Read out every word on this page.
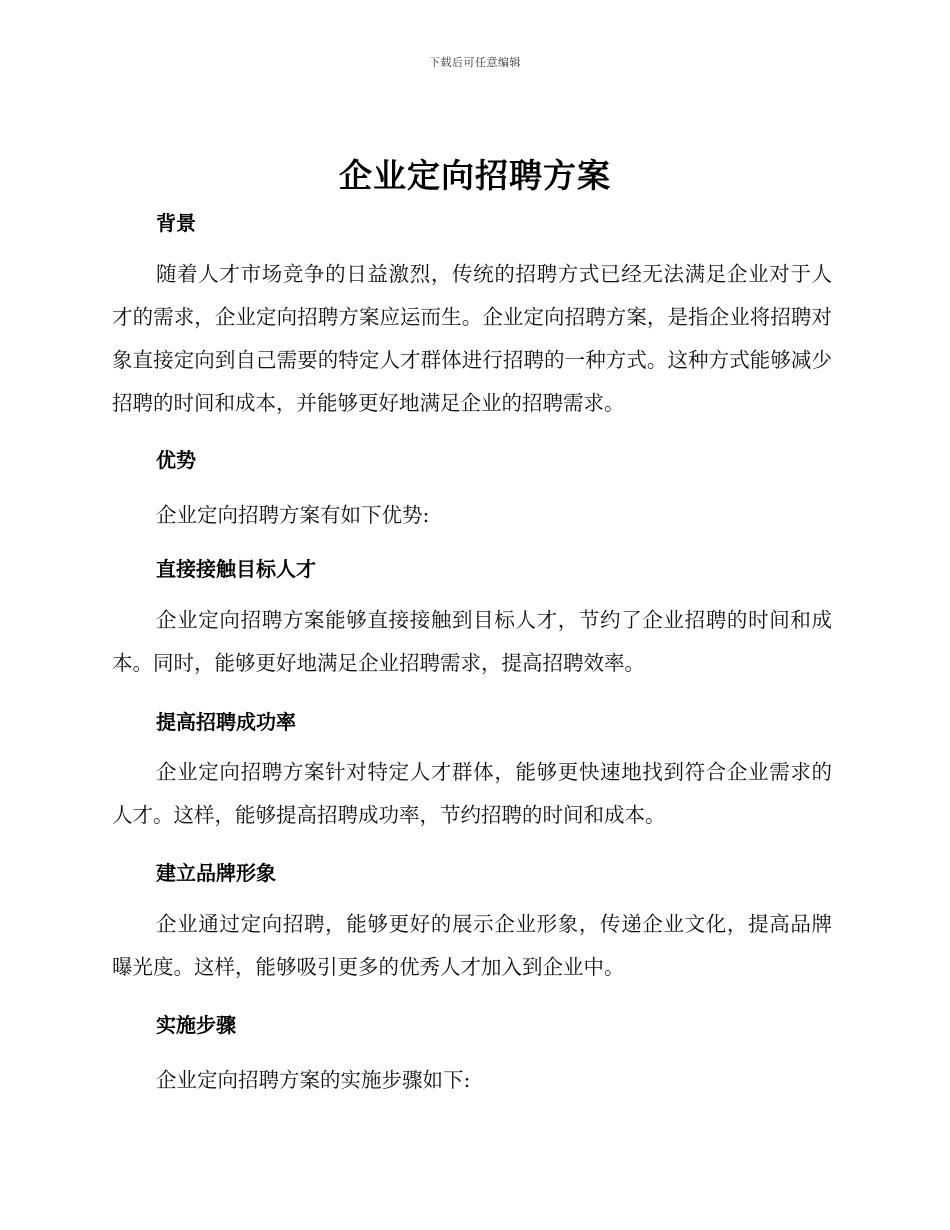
下载后可任意编辑
企业定向招聘方案
背景
随着人才市场竞争的日益激烈，传统的招聘方式已经无法满足企业对于人才的需求，企业定向招聘方案应运而生。企业定向招聘方案，是指企业将招聘对象直接定向到自己需要的特定人才群体进行招聘的一种方式。这种方式能够减少招聘的时间和成本，并能够更好地满足企业的招聘需求。
优势
企业定向招聘方案有如下优势:
直接接触目标人才
企业定向招聘方案能够直接接触到目标人才，节约了企业招聘的时间和成本。同时，能够更好地满足企业招聘需求，提高招聘效率。
提高招聘成功率
企业定向招聘方案针对特定人才群体，能够更快速地找到符合企业需求的人才。这样，能够提高招聘成功率，节约招聘的时间和成本。
建立品牌形象
企业通过定向招聘，能够更好的展示企业形象，传递企业文化，提高品牌曝光度。这样，能够吸引更多的优秀人才加入到企业中。
实施步骤
企业定向招聘方案的实施步骤如下:
